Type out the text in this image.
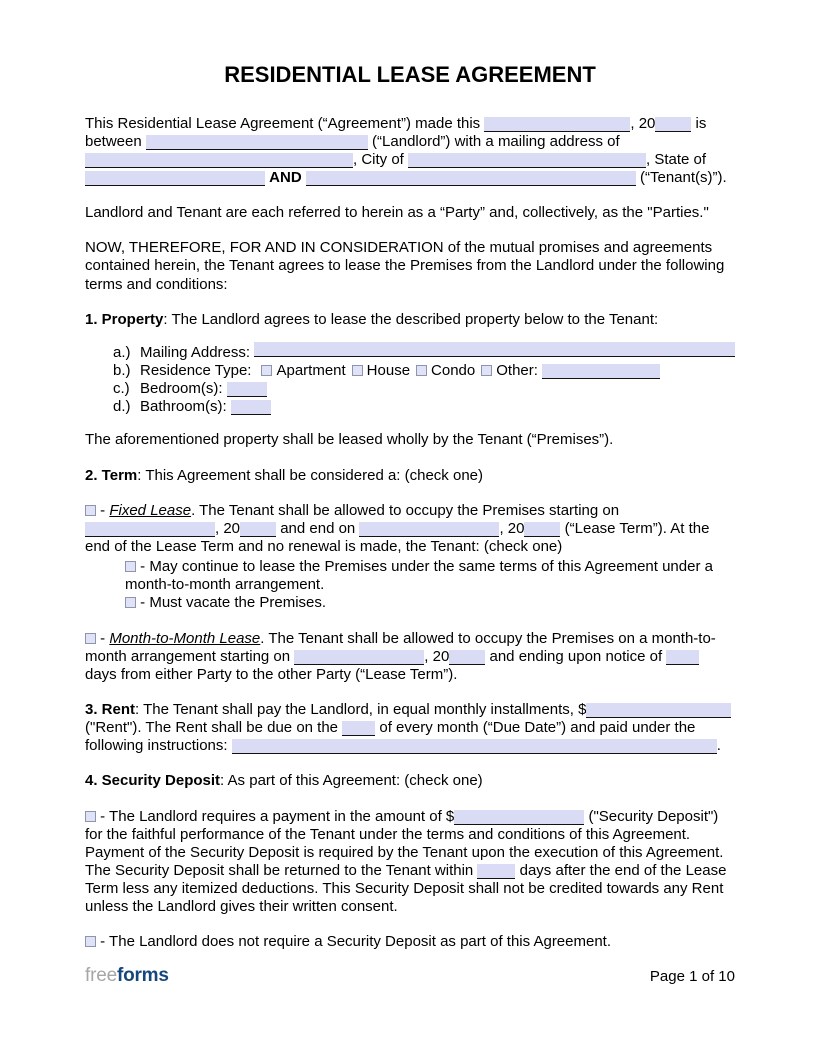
RESIDENTIAL LEASE AGREEMENT

This Residential Lease Agreement (“Agreement”) made this	, 20 is between	(“Landlord”) with a mailing address of , City of	, State of  AND	(“Tenant(s)”).

Landlord and Tenant are each referred to herein as a “Party” and, collectively, as the "Parties."

NOW, THEREFORE, FOR AND IN CONSIDERATION of the mutual promises and agreements contained herein, the Tenant agrees to lease the Premises from the Landlord under the following terms and conditions:

1. Property: The Landlord agrees to lease the described property below to the Tenant:

a.) Mailing Address:
b.) Residence Type: Apartment House Condo Other:
c.) Bedroom(s):
d.) Bathroom(s):

The aforementioned property shall be leased wholly by the Tenant (“Premises”).

2. Term: This Agreement shall be considered a: (check one)

- Fixed Lease. The Tenant shall be allowed to occupy the Premises starting on , 20 and end on	, 20 (“Lease Term”). At the end of the Lease Term and no renewal is made, the Tenant: (check one)

- May continue to lease the Premises under the same terms of this Agreement under a month-to-month arrangement.
- Must vacate the Premises.

- Month-to-Month Lease. The Tenant shall be allowed to occupy the Premises on a month-to-month arrangement starting on	, 20 and ending upon notice of  days from either Party to the other Party (“Lease Term”).

3. Rent: The Tenant shall pay the Landlord, in equal monthly installments, $ ("Rent"). The Rent shall be due on the  of every month (“Due Date”) and paid under the following instructions:	.

4. Security Deposit: As part of this Agreement: (check one)

- The Landlord requires a payment in the amount of $	("Security Deposit") for the faithful performance of the Tenant under the terms and conditions of this Agreement. Payment of the Security Deposit is required by the Tenant upon the execution of this Agreement. The Security Deposit shall be returned to the Tenant within	days after the end of the Lease Term less any itemized deductions. This Security Deposit shall not be credited towards any Rent unless the Landlord gives their written consent.

- The Landlord does not require a Security Deposit as part of this Agreement.

freeforms	Page 1 of 10
